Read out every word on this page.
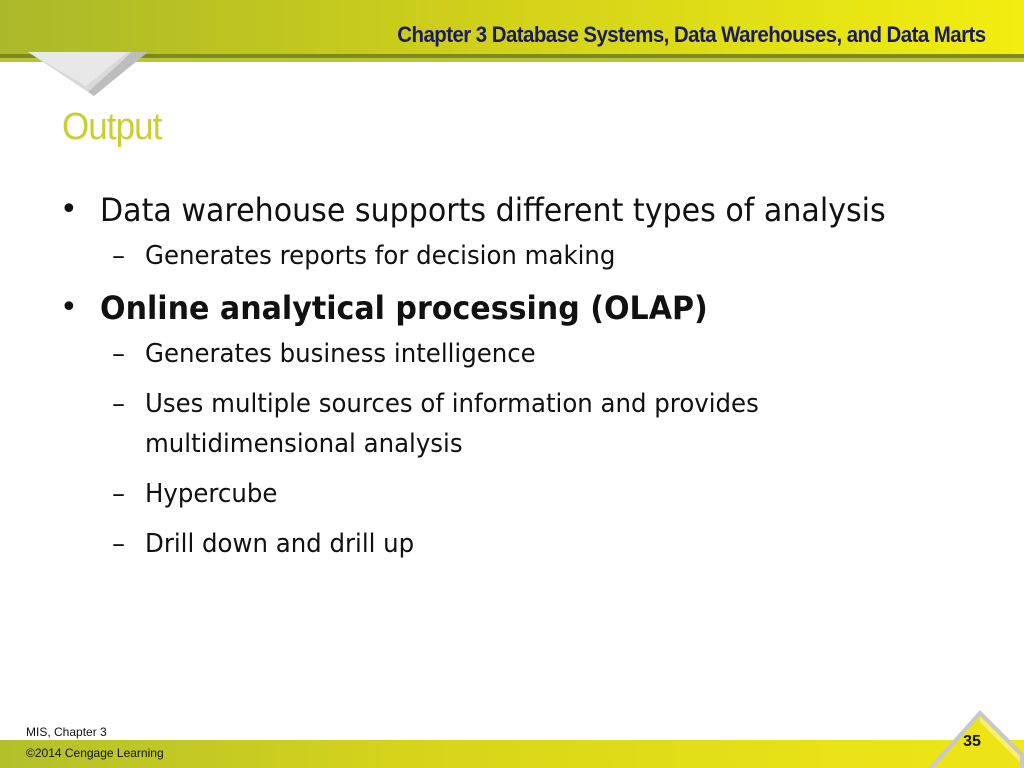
Chapter 3 Database Systems, Data Warehouses, and Data Marts
Output
• Data warehouse supports different types of analysis
– Generates reports for decision making
• Online analytical processing (OLAP)
– Generates business intelligence
– Uses multiple sources of information and provides multidimensional analysis
– Hypercube
– Drill down and drill up
MIS, Chapter 3
©2014 Cengage Learning
35
